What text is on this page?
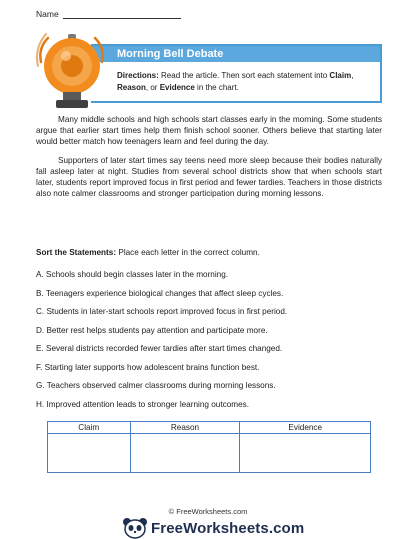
Name
Morning Bell Debate
Directions: Read the article. Then sort each statement into Claim, Reason, or Evidence in the chart.

Many middle schools and high schools start classes early in the morning. Some students argue that earlier start times help them finish school sooner. Others believe that starting later would better match how teenagers learn and feel during the day.

Supporters of later start times say teens need more sleep because their bodies naturally fall asleep later at night. Studies from several school districts show that when schools start later, students report improved focus in first period and fewer tardies. Teachers in those districts also note calmer classrooms and stronger participation during morning lessons.

Sort the Statements: Place each letter in the correct column.
A. Schools should begin classes later in the morning.
B. Teenagers experience biological changes that affect sleep cycles.
C. Students in later-start schools report improved focus in first period.
D. Better rest helps students pay attention and participate more.
E. Several districts recorded fewer tardies after start times changed.
F. Starting later supports how adolescent brains function best.
G. Teachers observed calmer classrooms during morning lessons.
H. Improved attention leads to stronger learning outcomes.
Claim	Reason	Evidence

© FreeWorksheets.com
FreeWorksheets.com
